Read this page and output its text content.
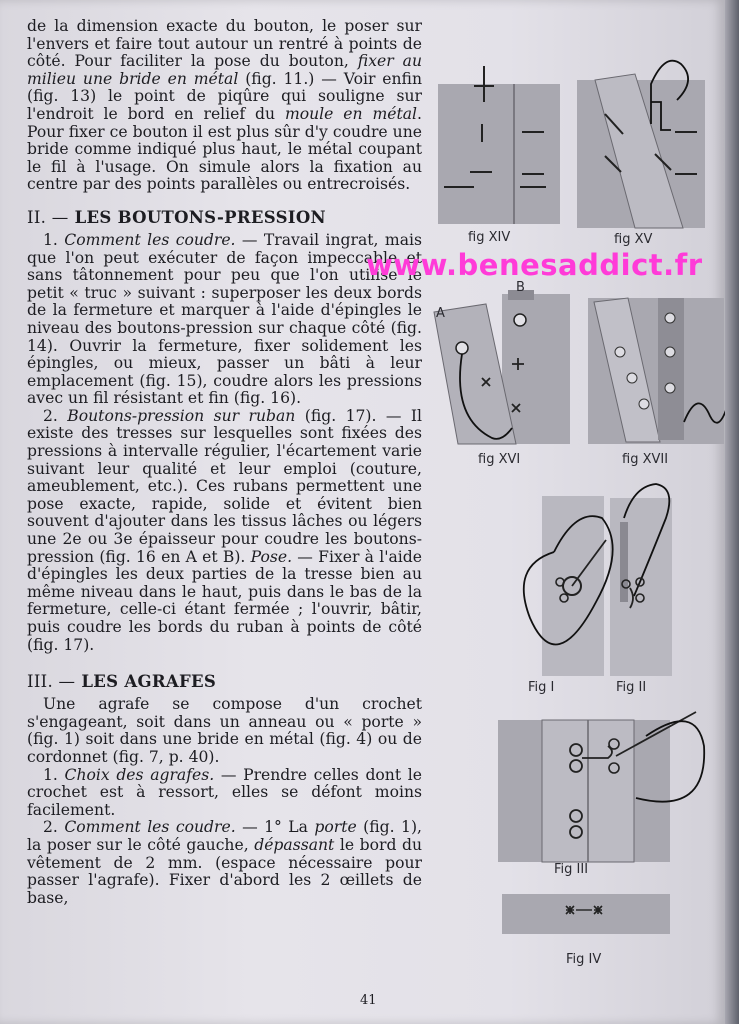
de la dimension exacte du bouton, le poser sur l'envers et faire tout autour un rentré à points de côté. Pour faciliter la pose du bouton, fixer au milieu une bride en métal (fig. 11.) — Voir enfin (fig. 13) le point de piqûre qui souligne sur l'endroit le bord en relief du moule en métal. Pour fixer ce bouton il est plus sûr d'y coudre une bride comme indiqué plus haut, le métal coupant le fil à l'usage. On simule alors la fixation au centre par des points parallèles ou entrecroisés.

II. — LES BOUTONS-PRESSION

1. Comment les coudre. — Travail ingrat, mais que l'on peut exécuter de façon impeccable et sans tâtonnement pour peu que l'on utilise le petit « truc » suivant : superposer les deux bords de la fermeture et marquer à l'aide d'épingles le niveau des boutons-pression sur chaque côté (fig. 14). Ouvrir la fermeture, fixer solidement les épingles, ou mieux, passer un bâti à leur emplacement (fig. 15), coudre alors les pressions avec un fil résistant et fin (fig. 16).

2. Boutons-pression sur ruban (fig. 17). — Il existe des tresses sur lesquelles sont fixées des pressions à intervalle régulier, l'écartement varie suivant leur qualité et leur emploi (couture, ameublement, etc.). Ces rubans permettent une pose exacte, rapide, solide et évitent bien souvent d'ajouter dans les tissus lâches ou légers une 2e ou 3e épaisseur pour coudre les boutons-pression (fig. 16 en A et B). Pose. — Fixer à l'aide d'épingles les deux parties de la tresse bien au même niveau dans le haut, puis dans le bas de la fermeture, celle-ci étant fermée ; l'ouvrir, bâtir, puis coudre les bords du ruban à points de côté (fig. 17).

III. — LES AGRAFES

Une agrafe se compose d'un crochet s'engageant, soit dans un anneau ou « porte » (fig. 1) soit dans une bride en métal (fig. 4) ou de cordonnet (fig. 7, p. 40).

1. Choix des agrafes. — Prendre celles dont le crochet est à ressort, elles se défont moins facilement.

2. Comment les coudre. — 1° La porte (fig. 1), la poser sur le côté gauche, dépassant le bord du vêtement de 2 mm. (espace nécessaire pour passer l'agrafe). Fixer d'abord les 2 œillets de base,

fig XIV	fig XV
A
B
fig XVI	fig XVII
Fig I	Fig II
Fig III
Fig IV
www.benesaddict.fr
41
